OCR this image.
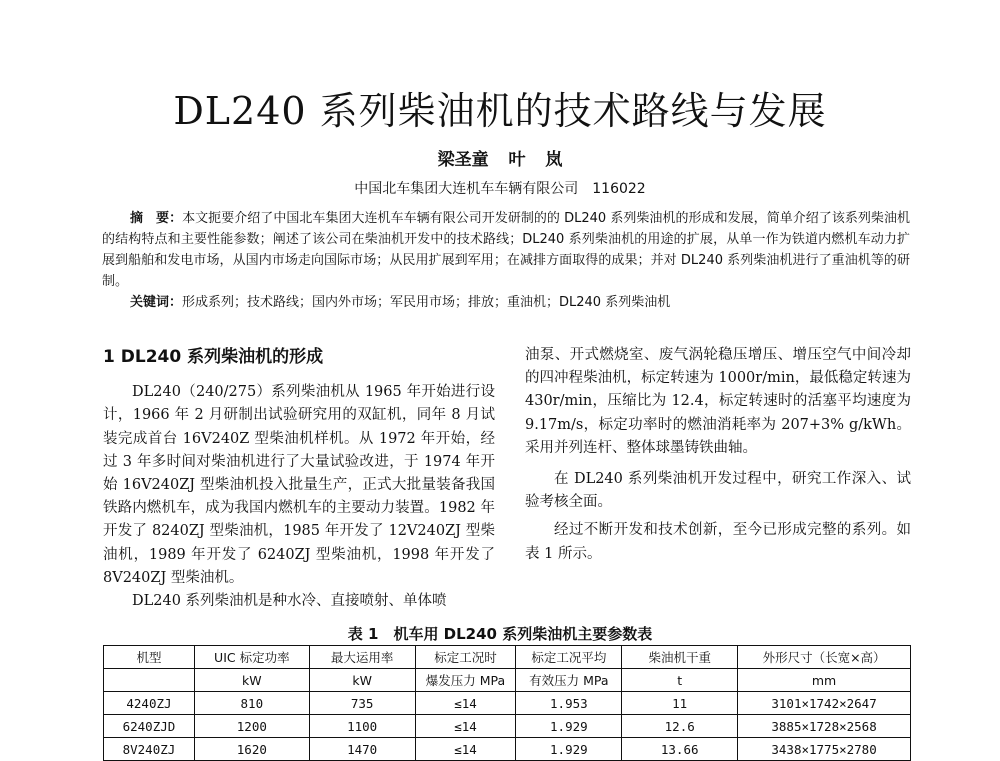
DL240 系列柴油机的技术路线与发展
梁圣童 叶 岚
中国北车集团大连机车车辆有限公司　116022

摘　要：本文扼要介绍了中国北车集团大连机车车辆有限公司开发研制的的 DL240 系列柴油机的形成和发展，简单介绍了该系列柴油机的结构特点和主要性能参数；阐述了该公司在柴油机开发中的技术路线；DL240 系列柴油机的用途的扩展，从单一作为铁道内燃机车动力扩展到船舶和发电市场，从国内市场走向国际市场；从民用扩展到军用；在减排方面取得的成果；并对 DL240 系列柴油机进行了重油机等的研制。

关键词：形成系列；技术路线；国内外市场；军民用市场；排放；重油机；DL240 系列柴油机

1 DL240 系列柴油机的形成

DL240（240/275）系列柴油机从 1965 年开始进行设计，1966 年 2 月研制出试验研究用的双缸机，同年 8 月试装完成首台 16V240Z 型柴油机样机。从 1972 年开始，经过 3 年多时间对柴油机进行了大量试验改进，于 1974 年开始 16V240ZJ 型柴油机投入批量生产，正式大批量装备我国铁路内燃机车，成为我国内燃机车的主要动力装置。1982 年开发了 8240ZJ 型柴油机，1985 年开发了 12V240ZJ 型柴油机，1989 年开发了 6240ZJ 型柴油机，1998 年开发了 8V240ZJ 型柴油机。

DL240 系列柴油机是种水冷、直接喷射、单体喷

油泵、开式燃烧室、废气涡轮稳压增压、增压空气中间冷却的四冲程柴油机，标定转速为 1000r/min，最低稳定转速为 430r/min，压缩比为 12.4，标定转速时的活塞平均速度为 9.17m/s，标定功率时的燃油消耗率为 207+3% g/kWh。采用并列连杆、整体球墨铸铁曲轴。

在 DL240 系列柴油机开发过程中，研究工作深入、试验考核全面。

经过不断开发和技术创新，至今已形成完整的系列。如表 1 所示。

表 1　机车用 DL240 系列柴油机主要参数表
机型	UIC 标定功率	最大运用率	标定工况时	标定工况平均	柴油机干重	外形尺寸（长宽×高）
	kW	kW	爆发压力 MPa	有效压力 MPa	t	mm
4240ZJ	810	735	≤14	1.953	11	3101×1742×2647
6240ZJD	1200	1100	≤14	1.929	12.6	3885×1728×2568
8V240ZJ	1620	1470	≤14	1.929	13.66	3438×1775×2780
